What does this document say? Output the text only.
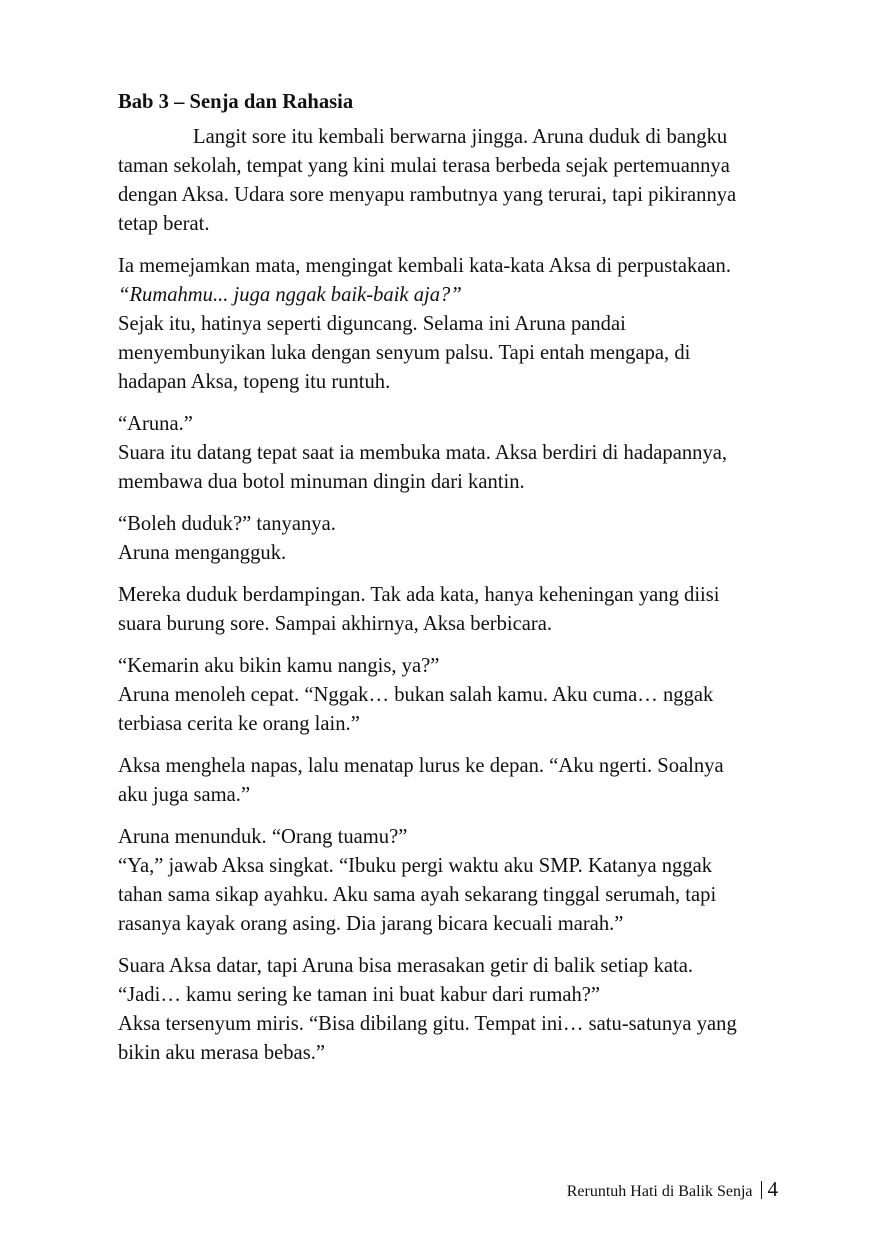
Bab 3 – Senja dan Rahasia
Langit sore itu kembali berwarna jingga. Aruna duduk di bangku
taman sekolah, tempat yang kini mulai terasa berbeda sejak pertemuannya
dengan Aksa. Udara sore menyapu rambutnya yang terurai, tapi pikirannya
tetap berat.
Ia memejamkan mata, mengingat kembali kata-kata Aksa di perpustakaan.
“Rumahmu... juga nggak baik-baik aja?”
Sejak itu, hatinya seperti diguncang. Selama ini Aruna pandai
menyembunyikan luka dengan senyum palsu. Tapi entah mengapa, di
hadapan Aksa, topeng itu runtuh.
“Aruna.”
Suara itu datang tepat saat ia membuka mata. Aksa berdiri di hadapannya,
membawa dua botol minuman dingin dari kantin.
“Boleh duduk?” tanyanya.
Aruna mengangguk.
Mereka duduk berdampingan. Tak ada kata, hanya keheningan yang diisi
suara burung sore. Sampai akhirnya, Aksa berbicara.
“Kemarin aku bikin kamu nangis, ya?”
Aruna menoleh cepat. “Nggak… bukan salah kamu. Aku cuma… nggak
terbiasa cerita ke orang lain.”
Aksa menghela napas, lalu menatap lurus ke depan. “Aku ngerti. Soalnya
aku juga sama.”
Aruna menunduk. “Orang tuamu?”
“Ya,” jawab Aksa singkat. “Ibuku pergi waktu aku SMP. Katanya nggak
tahan sama sikap ayahku. Aku sama ayah sekarang tinggal serumah, tapi
rasanya kayak orang asing. Dia jarang bicara kecuali marah.”
Suara Aksa datar, tapi Aruna bisa merasakan getir di balik setiap kata.
“Jadi… kamu sering ke taman ini buat kabur dari rumah?”
Aksa tersenyum miris. “Bisa dibilang gitu. Tempat ini… satu-satunya yang
bikin aku merasa bebas.”
Reruntuh Hati di Balik Senja 4
